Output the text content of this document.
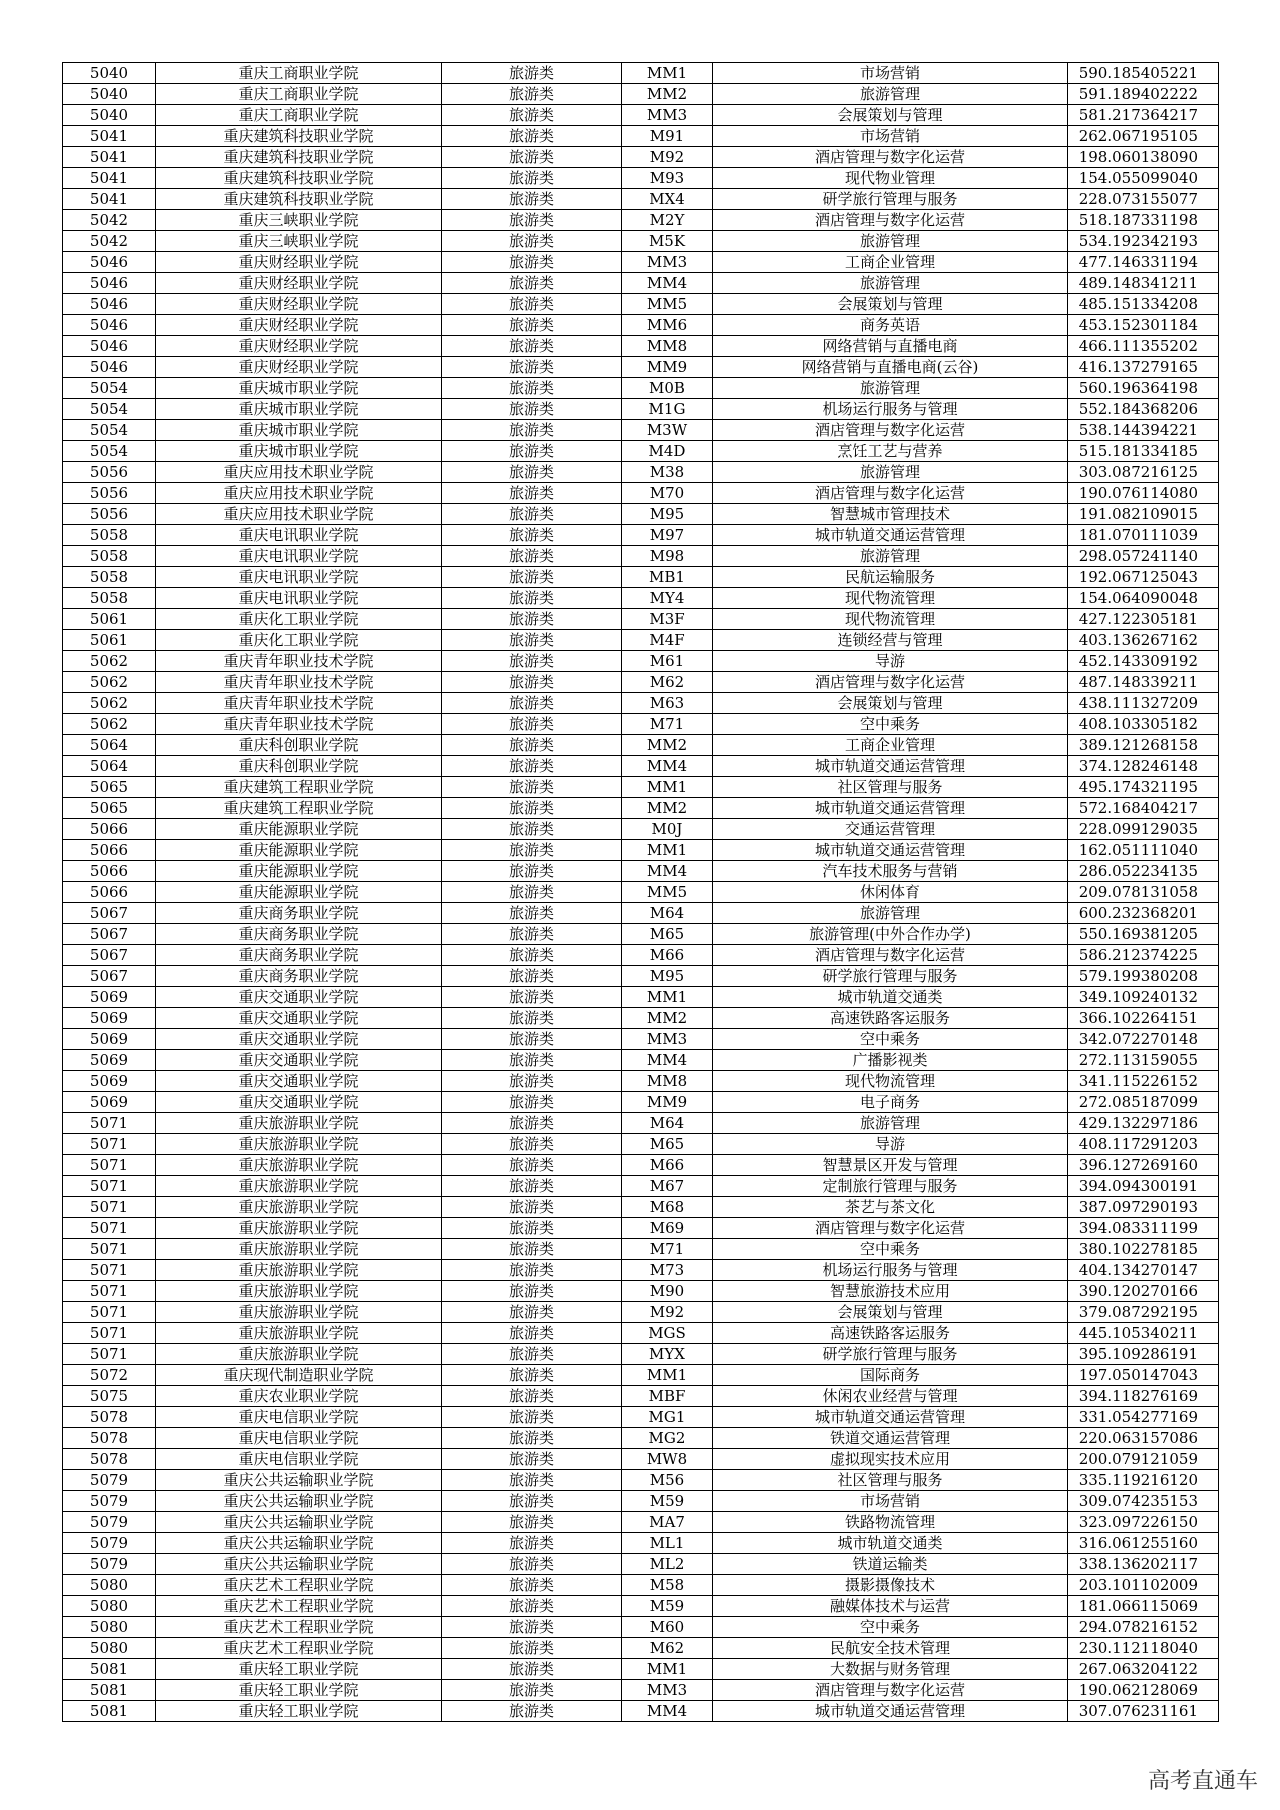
5040	重庆工商职业学院	旅游类	MM1	市场营销	590.185405221
5040	重庆工商职业学院	旅游类	MM2	旅游管理	591.189402222
5040	重庆工商职业学院	旅游类	MM3	会展策划与管理	581.217364217
5041	重庆建筑科技职业学院	旅游类	M91	市场营销	262.067195105
5041	重庆建筑科技职业学院	旅游类	M92	酒店管理与数字化运营	198.060138090
5041	重庆建筑科技职业学院	旅游类	M93	现代物业管理	154.055099040
5041	重庆建筑科技职业学院	旅游类	MX4	研学旅行管理与服务	228.073155077
5042	重庆三峡职业学院	旅游类	M2Y	酒店管理与数字化运营	518.187331198
5042	重庆三峡职业学院	旅游类	M5K	旅游管理	534.192342193
5046	重庆财经职业学院	旅游类	MM3	工商企业管理	477.146331194
5046	重庆财经职业学院	旅游类	MM4	旅游管理	489.148341211
5046	重庆财经职业学院	旅游类	MM5	会展策划与管理	485.151334208
5046	重庆财经职业学院	旅游类	MM6	商务英语	453.152301184
5046	重庆财经职业学院	旅游类	MM8	网络营销与直播电商	466.111355202
5046	重庆财经职业学院	旅游类	MM9	网络营销与直播电商(云谷)	416.137279165
5054	重庆城市职业学院	旅游类	M0B	旅游管理	560.196364198
5054	重庆城市职业学院	旅游类	M1G	机场运行服务与管理	552.184368206
5054	重庆城市职业学院	旅游类	M3W	酒店管理与数字化运营	538.144394221
5054	重庆城市职业学院	旅游类	M4D	烹饪工艺与营养	515.181334185
5056	重庆应用技术职业学院	旅游类	M38	旅游管理	303.087216125
5056	重庆应用技术职业学院	旅游类	M70	酒店管理与数字化运营	190.076114080
5056	重庆应用技术职业学院	旅游类	M95	智慧城市管理技术	191.082109015
5058	重庆电讯职业学院	旅游类	M97	城市轨道交通运营管理	181.070111039
5058	重庆电讯职业学院	旅游类	M98	旅游管理	298.057241140
5058	重庆电讯职业学院	旅游类	MB1	民航运输服务	192.067125043
5058	重庆电讯职业学院	旅游类	MY4	现代物流管理	154.064090048
5061	重庆化工职业学院	旅游类	M3F	现代物流管理	427.122305181
5061	重庆化工职业学院	旅游类	M4F	连锁经营与管理	403.136267162
5062	重庆青年职业技术学院	旅游类	M61	导游	452.143309192
5062	重庆青年职业技术学院	旅游类	M62	酒店管理与数字化运营	487.148339211
5062	重庆青年职业技术学院	旅游类	M63	会展策划与管理	438.111327209
5062	重庆青年职业技术学院	旅游类	M71	空中乘务	408.103305182
5064	重庆科创职业学院	旅游类	MM2	工商企业管理	389.121268158
5064	重庆科创职业学院	旅游类	MM4	城市轨道交通运营管理	374.128246148
5065	重庆建筑工程职业学院	旅游类	MM1	社区管理与服务	495.174321195
5065	重庆建筑工程职业学院	旅游类	MM2	城市轨道交通运营管理	572.168404217
5066	重庆能源职业学院	旅游类	M0J	交通运营管理	228.099129035
5066	重庆能源职业学院	旅游类	MM1	城市轨道交通运营管理	162.051111040
5066	重庆能源职业学院	旅游类	MM4	汽车技术服务与营销	286.052234135
5066	重庆能源职业学院	旅游类	MM5	休闲体育	209.078131058
5067	重庆商务职业学院	旅游类	M64	旅游管理	600.232368201
5067	重庆商务职业学院	旅游类	M65	旅游管理(中外合作办学)	550.169381205
5067	重庆商务职业学院	旅游类	M66	酒店管理与数字化运营	586.212374225
5067	重庆商务职业学院	旅游类	M95	研学旅行管理与服务	579.199380208
5069	重庆交通职业学院	旅游类	MM1	城市轨道交通类	349.109240132
5069	重庆交通职业学院	旅游类	MM2	高速铁路客运服务	366.102264151
5069	重庆交通职业学院	旅游类	MM3	空中乘务	342.072270148
5069	重庆交通职业学院	旅游类	MM4	广播影视类	272.113159055
5069	重庆交通职业学院	旅游类	MM8	现代物流管理	341.115226152
5069	重庆交通职业学院	旅游类	MM9	电子商务	272.085187099
5071	重庆旅游职业学院	旅游类	M64	旅游管理	429.132297186
5071	重庆旅游职业学院	旅游类	M65	导游	408.117291203
5071	重庆旅游职业学院	旅游类	M66	智慧景区开发与管理	396.127269160
5071	重庆旅游职业学院	旅游类	M67	定制旅行管理与服务	394.094300191
5071	重庆旅游职业学院	旅游类	M68	茶艺与茶文化	387.097290193
5071	重庆旅游职业学院	旅游类	M69	酒店管理与数字化运营	394.083311199
5071	重庆旅游职业学院	旅游类	M71	空中乘务	380.102278185
5071	重庆旅游职业学院	旅游类	M73	机场运行服务与管理	404.134270147
5071	重庆旅游职业学院	旅游类	M90	智慧旅游技术应用	390.120270166
5071	重庆旅游职业学院	旅游类	M92	会展策划与管理	379.087292195
5071	重庆旅游职业学院	旅游类	MGS	高速铁路客运服务	445.105340211
5071	重庆旅游职业学院	旅游类	MYX	研学旅行管理与服务	395.109286191
5072	重庆现代制造职业学院	旅游类	MM1	国际商务	197.050147043
5075	重庆农业职业学院	旅游类	MBF	休闲农业经营与管理	394.118276169
5078	重庆电信职业学院	旅游类	MG1	城市轨道交通运营管理	331.054277169
5078	重庆电信职业学院	旅游类	MG2	铁道交通运营管理	220.063157086
5078	重庆电信职业学院	旅游类	MW8	虚拟现实技术应用	200.079121059
5079	重庆公共运输职业学院	旅游类	M56	社区管理与服务	335.119216120
5079	重庆公共运输职业学院	旅游类	M59	市场营销	309.074235153
5079	重庆公共运输职业学院	旅游类	MA7	铁路物流管理	323.097226150
5079	重庆公共运输职业学院	旅游类	ML1	城市轨道交通类	316.061255160
5079	重庆公共运输职业学院	旅游类	ML2	铁道运输类	338.136202117
5080	重庆艺术工程职业学院	旅游类	M58	摄影摄像技术	203.101102009
5080	重庆艺术工程职业学院	旅游类	M59	融媒体技术与运营	181.066115069
5080	重庆艺术工程职业学院	旅游类	M60	空中乘务	294.078216152
5080	重庆艺术工程职业学院	旅游类	M62	民航安全技术管理	230.112118040
5081	重庆轻工职业学院	旅游类	MM1	大数据与财务管理	267.063204122
5081	重庆轻工职业学院	旅游类	MM3	酒店管理与数字化运营	190.062128069
5081	重庆轻工职业学院	旅游类	MM4	城市轨道交通运营管理	307.076231161
高考直通车
